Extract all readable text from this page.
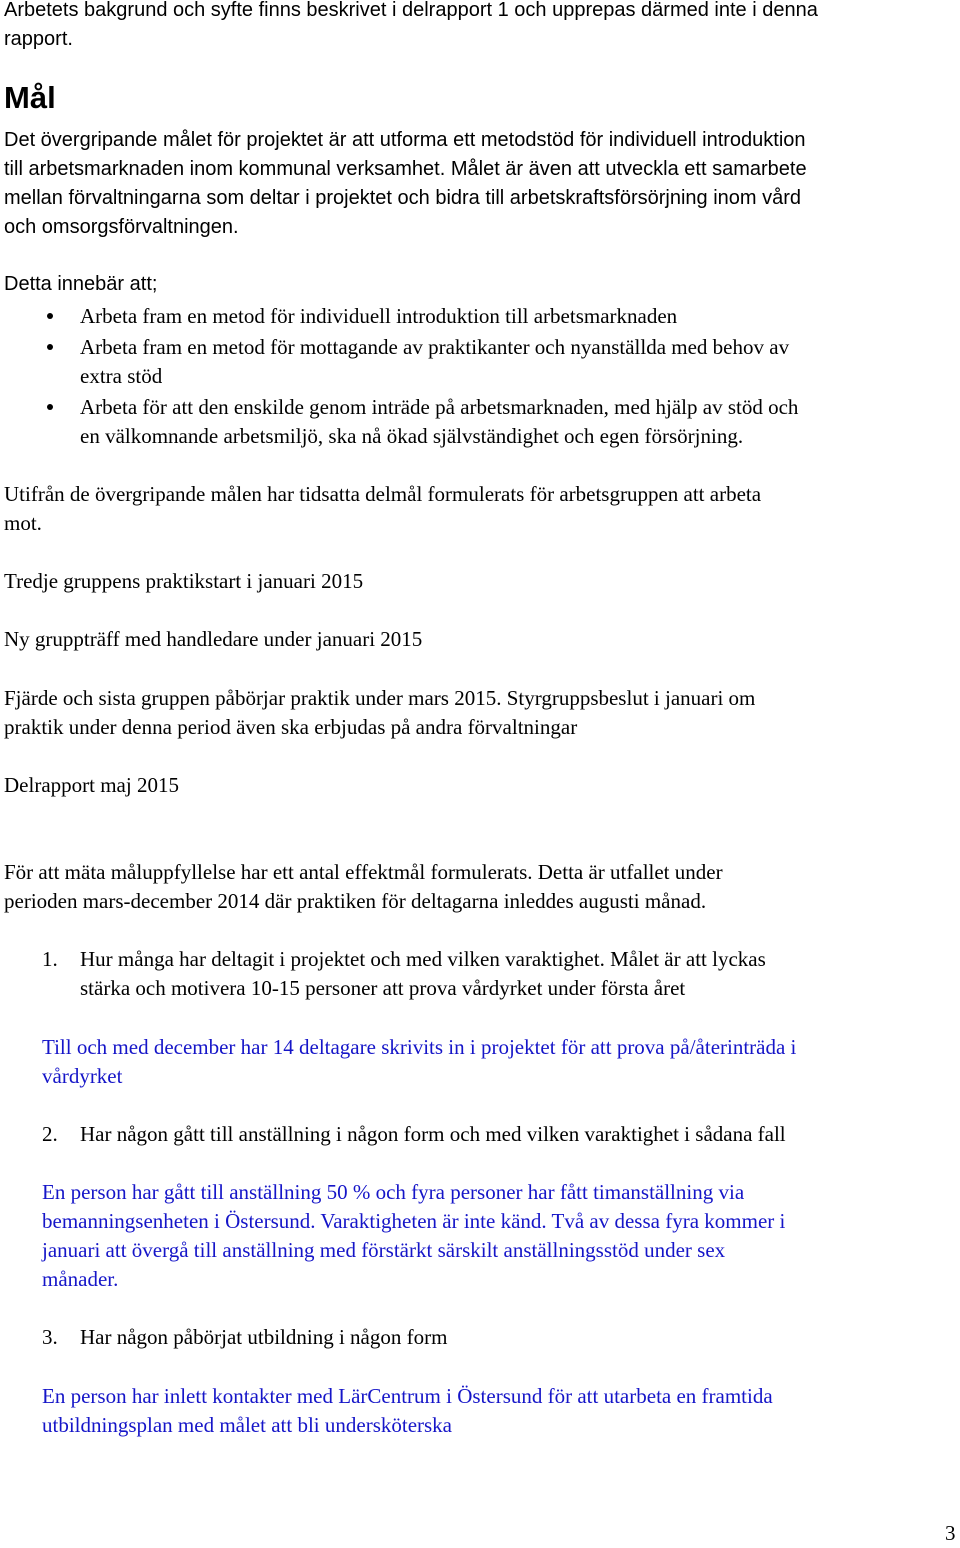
Arbetets bakgrund och syfte finns beskrivet i delrapport 1 och upprepas därmed inte i denna

rapport.

Mål

Det övergripande målet för projektet är att utforma ett metodstöd för individuell introduktion

till arbetsmarknaden inom kommunal verksamhet. Målet är även att utveckla ett samarbete

mellan förvaltningarna som deltar i projektet och bidra till arbetskraftsförsörjning inom vård

och omsorgsförvaltningen.

Detta innebär att;

Arbeta fram en metod för individuell introduktion till arbetsmarknaden

Arbeta fram en metod för mottagande av praktikanter och nyanställda med behov av

extra stöd

Arbeta för att den enskilde genom inträde på arbetsmarknaden, med hjälp av stöd och

en välkomnande arbetsmiljö, ska nå ökad självständighet och egen försörjning.

Utifrån de övergripande målen har tidsatta delmål formulerats för arbetsgruppen att arbeta

mot.

Tredje gruppens praktikstart i januari 2015

Ny gruppträff med handledare under januari 2015

Fjärde och sista gruppen påbörjar praktik under mars 2015. Styrgruppsbeslut i januari om

praktik under denna period även ska erbjudas på andra förvaltningar

Delrapport maj 2015

För att mäta måluppfyllelse har ett antal effektmål formulerats. Detta är utfallet under

perioden mars-december 2014 där praktiken för deltagarna inleddes augusti månad.

1. Hur många har deltagit i projektet och med vilken varaktighet. Målet är att lyckas

stärka och motivera 10-15 personer att prova vårdyrket under första året

Till och med december har 14 deltagare skrivits in i projektet för att prova på/återinträda i

vårdyrket

2. Har någon gått till anställning i någon form och med vilken varaktighet i sådana fall

En person har gått till anställning 50 % och fyra personer har fått timanställning via

bemanningsenheten i Östersund. Varaktigheten är inte känd. Två av dessa fyra kommer i

januari att övergå till anställning med förstärkt särskilt anställningsstöd under sex

månader.

3. Har någon påbörjat utbildning i någon form

En person har inlett kontakter med LärCentrum i Östersund för att utarbeta en framtida

utbildningsplan med målet att bli undersköterska

3
